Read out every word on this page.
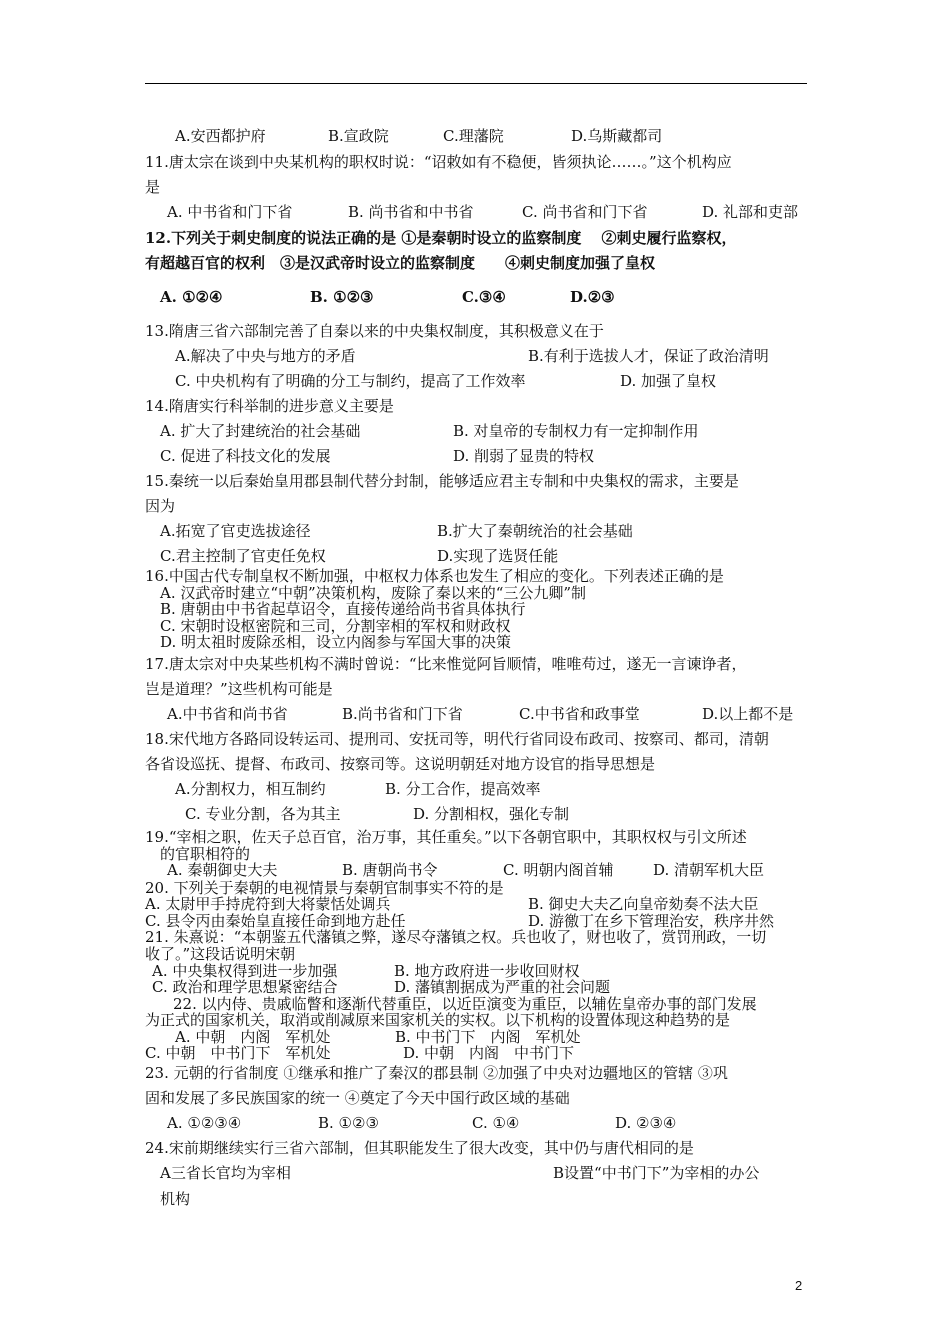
A.安西都护府	B.宣政院	C.理藩院	D.乌斯藏都司
11.唐太宗在谈到中央某机构的职权时说：“诏敕如有不稳便，皆须执论……。”这个机构应
是
A. 中书省和门下省	B. 尚书省和中书省	C. 尚书省和门下省	D. 礼部和吏部
12.下列关于刺史制度的说法正确的是 ①是秦朝时设立的监察制度　 ②刺史履行监察权，
有超越百官的权利　③是汉武帝时设立的监察制度　　④刺史制度加强了皇权
A. ①②④	B. ①②③	C.③④	D.②③
13.隋唐三省六部制完善了自秦以来的中央集权制度，其积极意义在于
A.解决了中央与地方的矛盾	B.有利于选拔人才，保证了政治清明
C. 中央机构有了明确的分工与制约，提高了工作效率	D. 加强了皇权
14.隋唐实行科举制的进步意义主要是
A. 扩大了封建统治的社会基础	B. 对皇帝的专制权力有一定抑制作用
C. 促进了科技文化的发展	D. 削弱了显贵的特权
15.秦统一以后秦始皇用郡县制代替分封制，能够适应君主专制和中央集权的需求，主要是
因为
A.拓宽了官吏选拔途径	B.扩大了秦朝统治的社会基础
C.君主控制了官吏任免权	D.实现了选贤任能
16.中国古代专制皇权不断加强，中枢权力体系也发生了相应的变化。下列表述正确的是
A. 汉武帝时建立“中朝”决策机构，废除了秦以来的“三公九卿”制
B. 唐朝由中书省起草诏令，直接传递给尚书省具体执行
C. 宋朝时设枢密院和三司，分割宰相的军权和财政权
D. 明太祖时废除丞相，设立内阁参与军国大事的决策
17.唐太宗对中央某些机构不满时曾说：“比来惟觉阿旨顺情，唯唯苟过，遂无一言谏诤者，
岂是道理？”这些机构可能是
A.中书省和尚书省	B.尚书省和门下省	C.中书省和政事堂	D.以上都不是
18.宋代地方各路同设转运司、提刑司、安抚司等，明代行省同设布政司、按察司、都司，清朝
各省设巡抚、提督、布政司、按察司等。这说明朝廷对地方设官的指导思想是
A.分割权力，相互制约	B. 分工合作，提高效率
C. 专业分割，各为其主	D. 分割相权，强化专制
19.“宰相之职，佐天子总百官，治万事，其任重矣。”以下各朝官职中，其职权权与引文所述
的官职相符的
A. 秦朝御史大夫	B. 唐朝尚书令	C. 明朝内阁首辅	D. 清朝军机大臣
20. 下列关于秦朝的电视情景与秦朝官制事实不符的是
A. 太尉甲手持虎符到大将蒙恬处调兵	B. 御史大夫乙向皇帝劾奏不法大臣
C. 县令丙由秦始皇直接任命到地方赴任	D. 游徼丁在乡下管理治安，秩序井然
21. 朱熹说：“本朝鉴五代藩镇之弊，遂尽夺藩镇之权。兵也收了，财也收了，赏罚刑政，一切
收了。”这段话说明宋朝
A. 中央集权得到进一步加强	B. 地方政府进一步收回财权
C. 政治和理学思想紧密结合	D. 藩镇割据成为严重的社会问题
22. 以内侍、贵戚临瞥和逐渐代替重臣，以近臣演变为重臣，以辅佐皇帝办事的部门发展
为正式的国家机关，取消或削减原来国家机关的实权。以下机构的设置体现这种趋势的是
A. 中朝　内阁　军机处	B. 中书门下　内阁　军机处
C. 中朝　中书门下　军机处	D. 中朝　内阁　中书门下
23. 元朝的行省制度 ①继承和推广了秦汉的郡县制 ②加强了中央对边疆地区的管辖 ③巩
固和发展了多民族国家的统一 ④奠定了今天中国行政区域的基础
A. ①②③④	B. ①②③	C. ①④	D. ②③④
24.宋前期继续实行三省六部制，但其职能发生了很大改变，其中仍与唐代相同的是
A三省长官均为宰相	B设置“中书门下”为宰相的办公
机构
2
